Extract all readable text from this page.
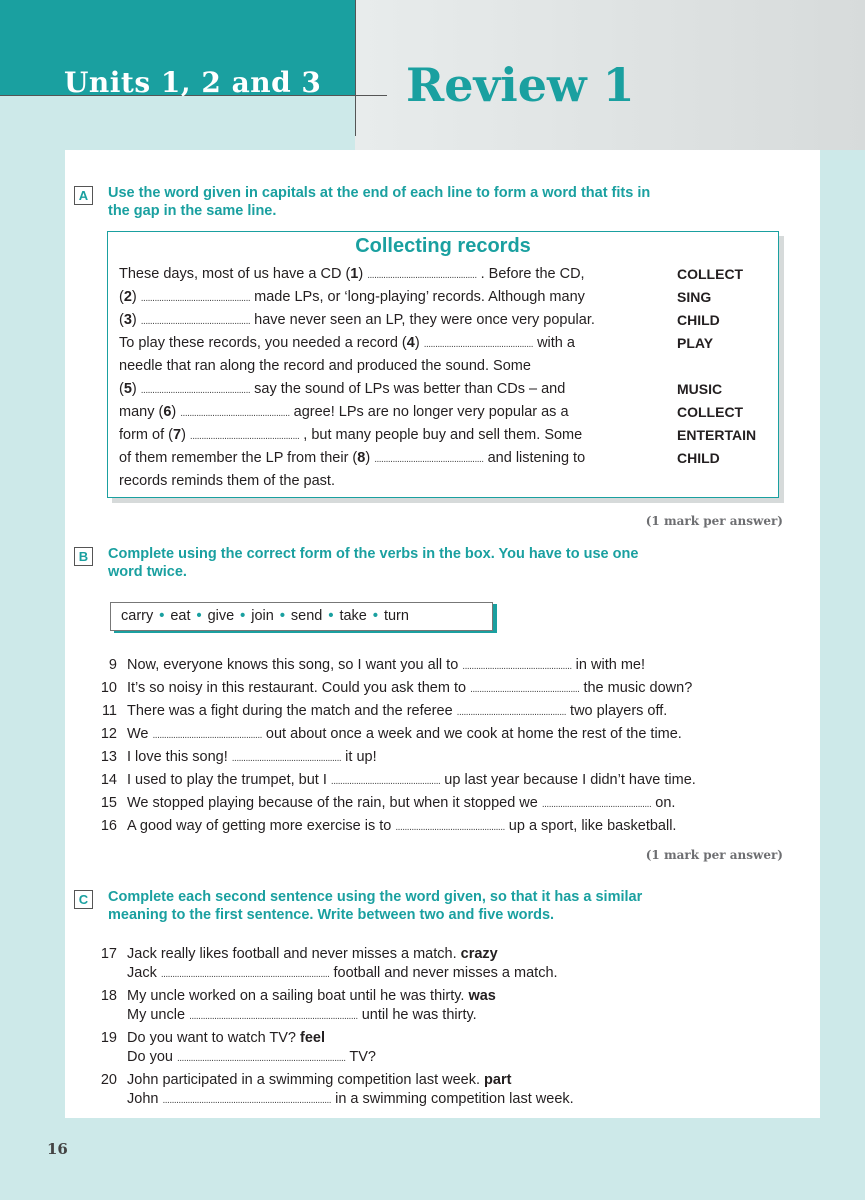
Units 1, 2 and 3 Review 1
A	Use the word given in capitals at the end of each line to form a word that fits in
the gap in the same line.
Collecting records
These days, most of us have a CD (1) ................................................ . Before the CD,	COLLECT
(2) ................................................ made LPs, or ‘long-playing’ records. Although many	SING
(3) ................................................ have never seen an LP, they were once very popular.	CHILD
To play these records, you needed a record (4) ................................................ with a	PLAY
needle that ran along the record and produced the sound. Some
(5) ................................................ say the sound of LPs was better than CDs – and	MUSIC
many (6) ................................................ agree! LPs are no longer very popular as a	COLLECT
form of (7) ................................................ , but many people buy and sell them. Some	ENTERTAIN
of them remember the LP from their (8) ................................................ and listening to	CHILD
records reminds them of the past.
(1 mark per answer)
B	Complete using the correct form of the verbs in the box. You have to use one
word twice.
carry • eat • give • join • send • take • turn
9 Now, everyone knows this song, so I want you all to ................................................ in with me!
10 It’s so noisy in this restaurant. Could you ask them to ................................................ the music down?
11 There was a fight during the match and the referee ................................................ two players off.
12 We ................................................ out about once a week and we cook at home the rest of the time.
13 I love this song! ................................................ it up!
14 I used to play the trumpet, but I ................................................ up last year because I didn’t have time.
15 We stopped playing because of the rain, but when it stopped we ................................................ on.
16 A good way of getting more exercise is to ................................................ up a sport, like basketball.
(1 mark per answer)
C	Complete each second sentence using the word given, so that it has a similar
meaning to the first sentence. Write between two and five words.
17 Jack really likes football and never misses a match. crazy
Jack .......................................................................... football and never misses a match.
18 My uncle worked on a sailing boat until he was thirty. was
My uncle .......................................................................... until he was thirty.
19 Do you want to watch TV? feel
Do you .......................................................................... TV?
20 John participated in a swimming competition last week. part
John .......................................................................... in a swimming competition last week.
16
